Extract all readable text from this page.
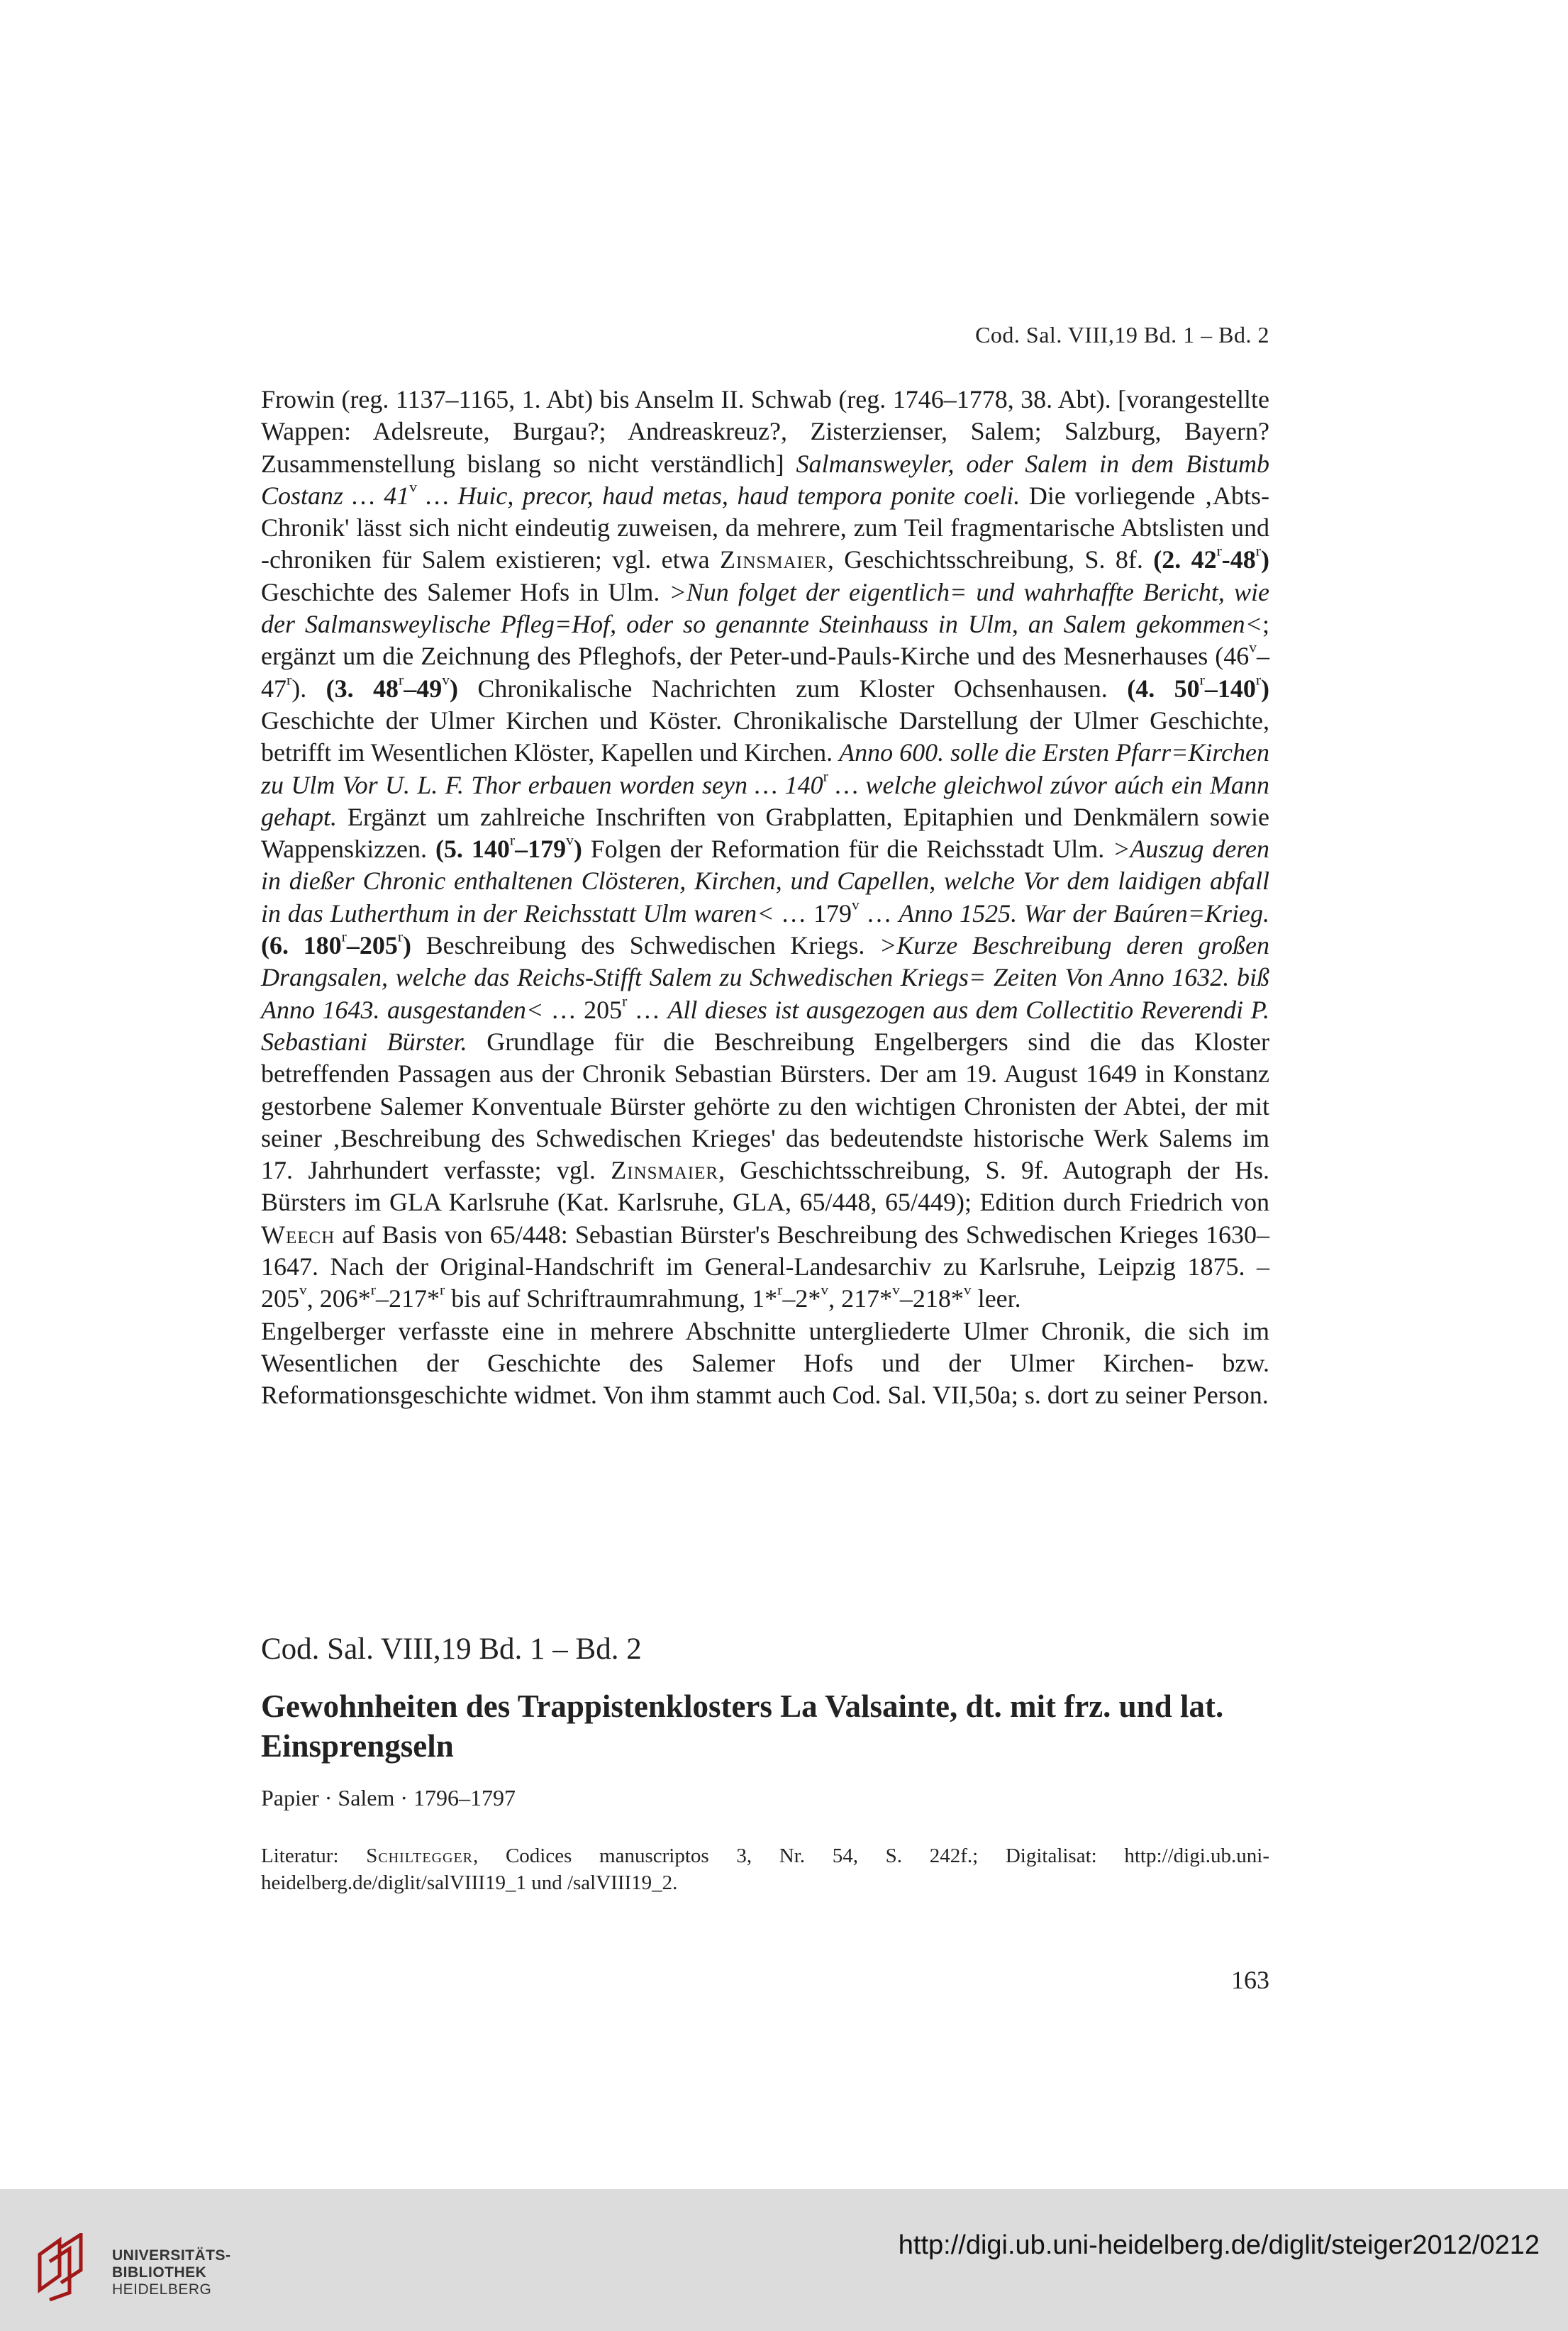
Cod. Sal. VIII,19 Bd. 1 – Bd. 2

Frowin (reg. 1137–1165, 1. Abt) bis Anselm II. Schwab (reg. 1746–1778, 38. Abt). [vorangestellte Wappen: Adelsreute, Burgau?; Andreaskreuz?, Zisterzienser, Salem; Salzburg, Bayern? Zusammenstellung bislang so nicht verständlich] Salmansweyler, oder Salem in dem Bistumb Costanz … 41$^v$ … Huic, precor, haud metas, haud tempora ponite coeli. Die vorliegende ‚Abts-Chronik' lässt sich nicht eindeutig zuweisen, da mehrere, zum Teil fragmentarische Abtslisten und -chroniken für Salem existieren; vgl. etwa Zinsmaier, Geschichtsschreibung, S. 8f. (2. 42$^r$-48$^r$) Geschichte des Salemer Hofs in Ulm. >Nun folget der eigentlich= und wahrhaffte Bericht, wie der Salmansweylische Pfleg=Hof, oder so genannte Steinhauss in Ulm, an Salem gekommen<; ergänzt um die Zeichnung des Pfleghofs, der Peter-und-Pauls-Kirche und des Mesnerhauses (46$^v$–47$^r$). (3. 48$^r$–49$^v$) Chronikalische Nachrichten zum Kloster Ochsenhausen. (4. 50$^r$–140$^r$) Geschichte der Ulmer Kirchen und Köster. Chronikalische Darstellung der Ulmer Geschichte, betrifft im Wesentlichen Klöster, Kapellen und Kirchen. Anno 600. solle die Ersten Pfarr=Kirchen zu Ulm Vor U. L. F. Thor erbauen worden seyn … 140$^r$ … welche gleichwol zúvor aúch ein Mann gehapt. Ergänzt um zahlreiche Inschriften von Grabplatten, Epitaphien und Denkmälern sowie Wappenskizzen. (5. 140$^r$–179$^v$) Folgen der Reformation für die Reichsstadt Ulm. >Auszug deren in dießer Chronic enthaltenen Clösteren, Kirchen, und Capellen, welche Vor dem laidigen abfall in das Lutherthum in der Reichsstatt Ulm waren< … 179$^v$ … Anno 1525. War der Baúren=Krieg. (6. 180$^r$–205$^r$) Beschreibung des Schwedischen Kriegs. >Kurze Beschreibung deren großen Drangsalen, welche das Reichs-Stifft Salem zu Schwedischen Kriegs= Zeiten Von Anno 1632. biß Anno 1643. ausgestanden< … 205$^r$ … All dieses ist ausgezogen aus dem Collectitio Reverendi P. Sebastiani Bürster. Grundlage für die Beschreibung Engelbergers sind die das Kloster betreffenden Passagen aus der Chronik Sebastian Bürsters. Der am 19. August 1649 in Konstanz gestorbene Salemer Konventuale Bürster gehörte zu den wichtigen Chronisten der Abtei, der mit seiner ‚Beschreibung des Schwedischen Krieges' das bedeutendste historische Werk Salems im 17. Jahrhundert verfasste; vgl. Zinsmaier, Geschichtsschreibung, S. 9f. Autograph der Hs. Bürsters im GLA Karlsruhe (Kat. Karlsruhe, GLA, 65/448, 65/449); Edition durch Friedrich von Weech auf Basis von 65/448: Sebastian Bürster's Beschreibung des Schwedischen Krieges 1630–1647. Nach der Original-Handschrift im General-Landesarchiv zu Karlsruhe, Leipzig 1875. – 205$^v$, 206*$^r$–217*$^r$ bis auf Schriftraumrahmung, 1*$^r$–2*$^v$, 217*$^v$–218*$^v$ leer.

Engelberger verfasste eine in mehrere Abschnitte untergliederte Ulmer Chronik, die sich im Wesentlichen der Geschichte des Salemer Hofs und der Ulmer Kirchen- bzw. Reformationsgeschichte widmet. Von ihm stammt auch Cod. Sal. VII,50a; s. dort zu seiner Person.

Cod. Sal. VIII,19 Bd. 1 – Bd. 2
Gewohnheiten des Trappistenklosters La Valsainte, dt. mit frz. und lat. Einsprengseln
Papier · Salem · 1796–1797
Literatur: Schiltegger, Codices manuscriptos 3, Nr. 54, S. 242f.; Digitalisat: http://digi.ub.uni-heidelberg.de/diglit/salVIII19_1 und /salVIII19_2.
163
UNIVERSITÄTS-
BIBLIOTHEK
HEIDELBERG
http://digi.ub.uni-heidelberg.de/diglit/steiger2012/0212
